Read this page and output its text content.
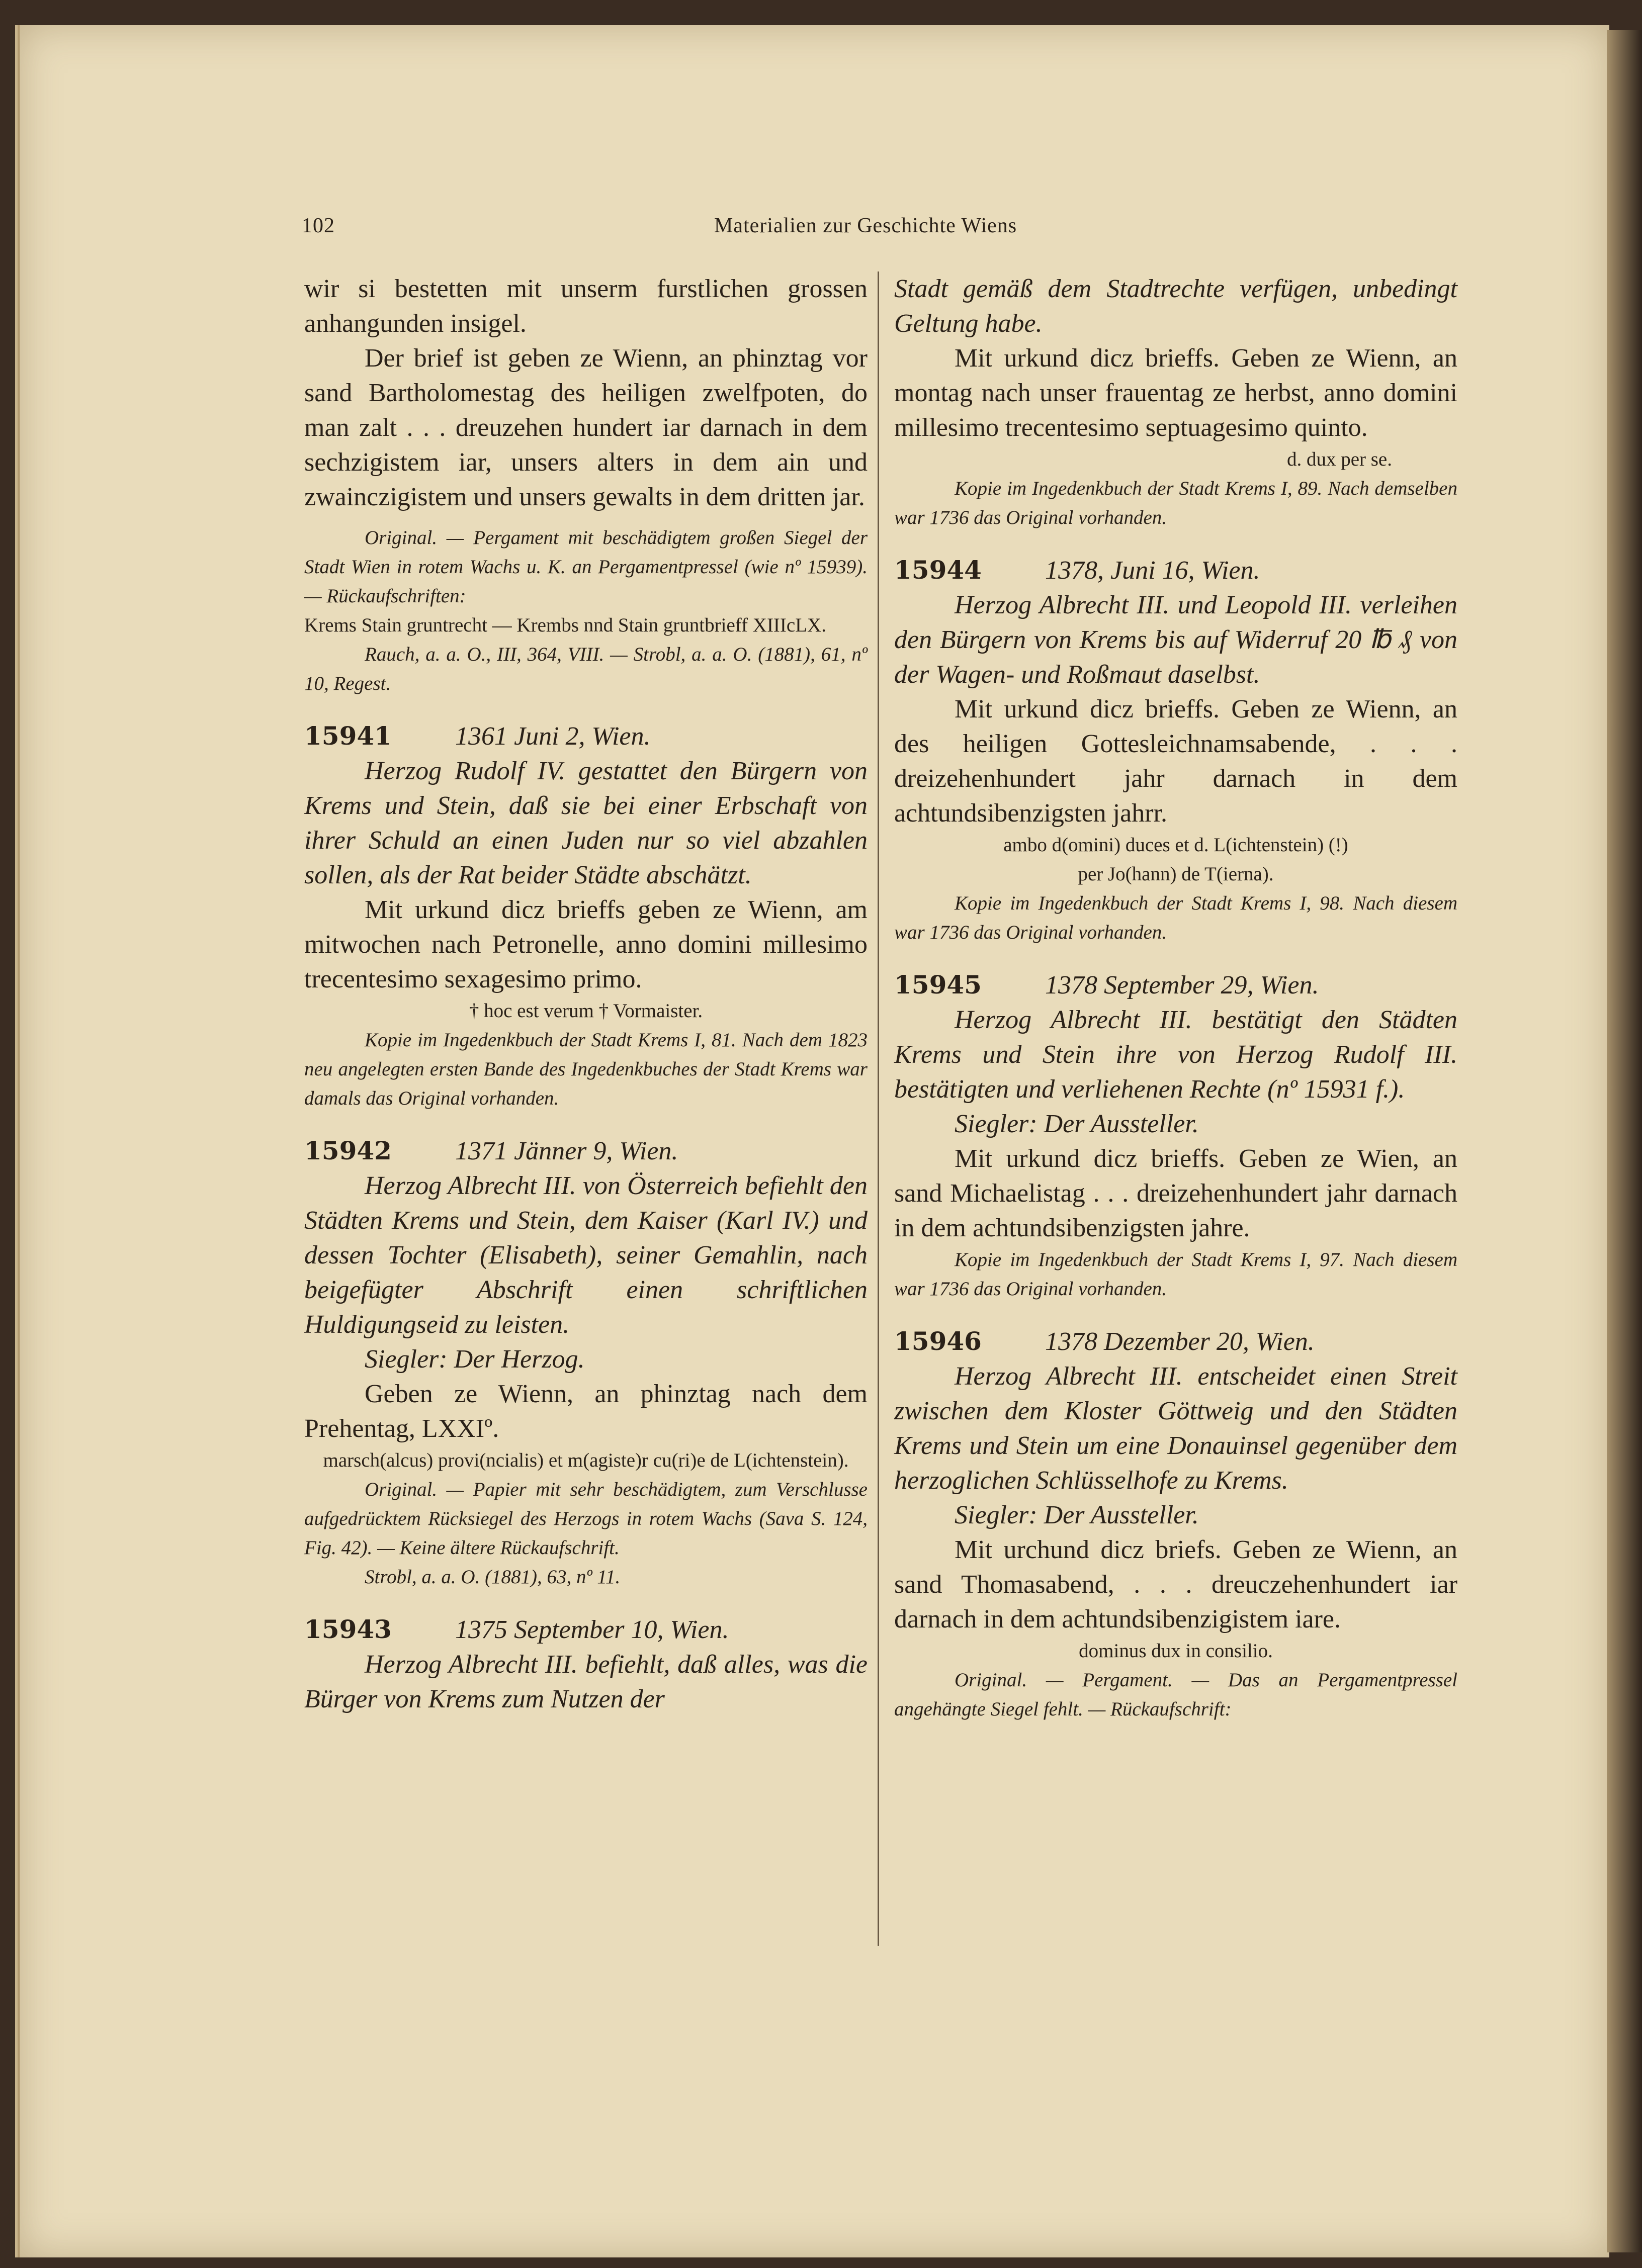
102	Materialien zur Geschichte Wiens

wir si bestetten mit unserm furstlichen grossen anhangunden insigel.

Der brief ist geben ze Wienn, an phinztag vor sand Bartholomestag des heiligen zwelfpoten, do man zalt . . . dreuzehen hundert iar darnach in dem sechzigistem iar, unsers alters in dem ain und zwainczigistem und unsers gewalts in dem dritten jar.

Original. — Pergament mit beschädigtem großen Siegel der Stadt Wien in rotem Wachs u. K. an Pergamentpressel (wie nº 15939). — Rückaufschriften:

Krems Stain gruntrecht — Krembs nnd Stain gruntbrieff XIIIcLX.

Rauch, a. a. O., III, 364, VIII. — Strobl, a. a. O. (1881), 61, nº 10, Regest.

15941 1361 Juni 2, Wien.

Herzog Rudolf IV. gestattet den Bürgern von Krems und Stein, daß sie bei einer Erbschaft von ihrer Schuld an einen Juden nur so viel abzahlen sollen, als der Rat beider Städte abschätzt.

Mit urkund dicz brieffs geben ze Wienn, am mitwochen nach Petronelle, anno domini millesimo trecentesimo sexagesimo primo.

† hoc est verum † Vormaister.

Kopie im Ingedenkbuch der Stadt Krems I, 81. Nach dem 1823 neu angelegten ersten Bande des Ingedenkbuches der Stadt Krems war damals das Original vorhanden.

15942 1371 Jänner 9, Wien.

Herzog Albrecht III. von Österreich befiehlt den Städten Krems und Stein, dem Kaiser (Karl IV.) und dessen Tochter (Elisabeth), seiner Gemahlin, nach beigefügter Abschrift einen schriftlichen Huldigungseid zu leisten.

Siegler: Der Herzog.

Geben ze Wienn, an phinztag nach dem Prehentag, LXXIº.

marsch(alcus) provi(ncialis) et m(agiste)r cu(ri)e de L(ichtenstein).

Original. — Papier mit sehr beschädigtem, zum Verschlusse aufgedrücktem Rücksiegel des Herzogs in rotem Wachs (Sava S. 124, Fig. 42). — Keine ältere Rückaufschrift.

Strobl, a. a. O. (1881), 63, nº 11.

15943 1375 September 10, Wien.

Herzog Albrecht III. befiehlt, daß alles, was die Bürger von Krems zum Nutzen der

Stadt gemäß dem Stadtrechte verfügen, unbedingt Geltung habe.

Mit urkund dicz brieffs. Geben ze Wienn, an montag nach unser frauentag ze herbst, anno domini millesimo trecentesimo septuagesimo quinto.

d. dux per se.

Kopie im Ingedenkbuch der Stadt Krems I, 89. Nach demselben war 1736 das Original vorhanden.

15944 1378, Juni 16, Wien.

Herzog Albrecht III. und Leopold III. verleihen den Bürgern von Krems bis auf Widerruf 20 ℔ ₰ von der Wagen- und Roßmaut daselbst.

Mit urkund dicz brieffs. Geben ze Wienn, an des heiligen Gottesleichnamsabende, . . . dreizehenhundert jahr darnach in dem achtundsibenzigsten jahrr.

ambo d(omini) duces et d. L(ichtenstein) (!)

per Jo(hann) de T(ierna).

Kopie im Ingedenkbuch der Stadt Krems I, 98. Nach diesem war 1736 das Original vorhanden.

15945 1378 September 29, Wien.

Herzog Albrecht III. bestätigt den Städten Krems und Stein ihre von Herzog Rudolf III. bestätigten und verliehenen Rechte (nº 15931 f.).

Siegler: Der Aussteller.

Mit urkund dicz brieffs. Geben ze Wien, an sand Michaelistag . . . dreizehenhundert jahr darnach in dem achtundsibenzigsten jahre.

Kopie im Ingedenkbuch der Stadt Krems I, 97. Nach diesem war 1736 das Original vorhanden.

15946 1378 Dezember 20, Wien.

Herzog Albrecht III. entscheidet einen Streit zwischen dem Kloster Göttweig und den Städten Krems und Stein um eine Donauinsel gegenüber dem herzoglichen Schlüsselhofe zu Krems.

Siegler: Der Aussteller.

Mit urchund dicz briefs. Geben ze Wienn, an sand Thomasabend, . . . dreuczehenhundert iar darnach in dem achtundsibenzigistem iare.

dominus dux in consilio.

Original. — Pergament. — Das an Pergamentpressel angehängte Siegel fehlt. — Rückaufschrift:
